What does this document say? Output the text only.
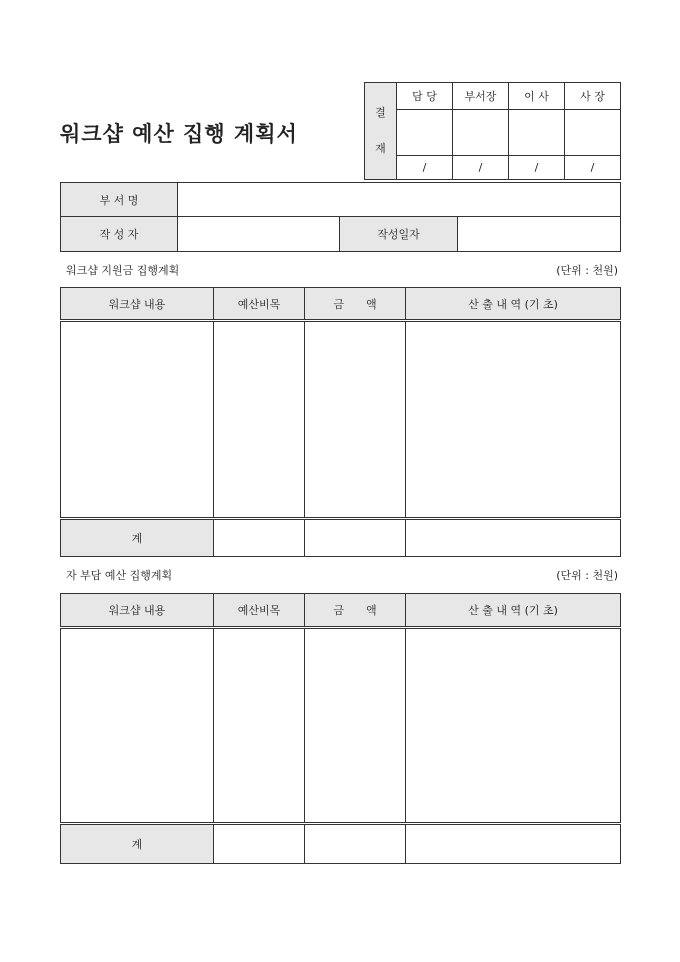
워크샵 예산 집행 계획서
결
재	담 당	부서장	이 사	사 장

	/	/	/	/
부 서 명			
작 성 자		작성일자	
워크샵 지원금 집행계획	(단위 : 천원)
워크샵 내용	예산비목	금　　액	산 출 내 역 (기 초)

계			
자 부담 예산 집행계획	(단위 : 천원)
워크샵 내용	예산비목	금　　액	산 출 내 역 (기 초)

계			
